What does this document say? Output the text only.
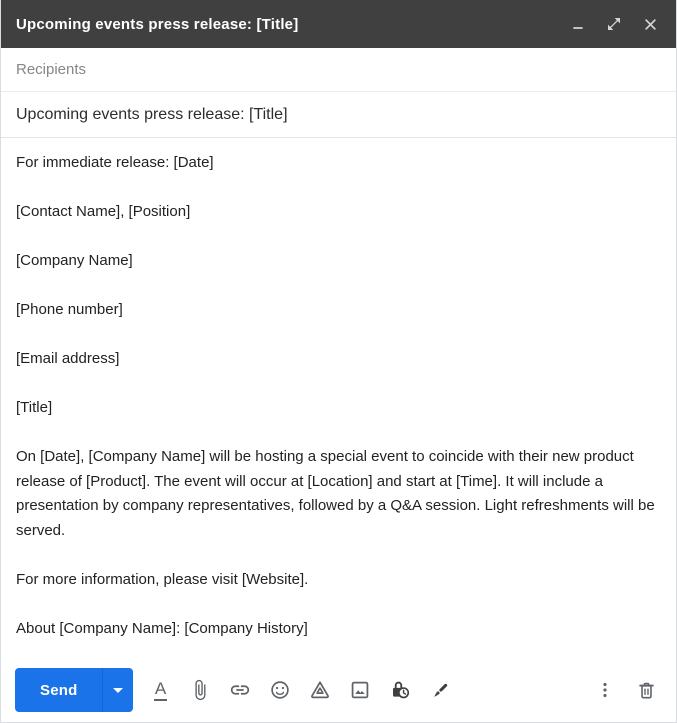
Upcoming events press release: [Title]
Recipients
Upcoming events press release: [Title]
For immediate release: [Date]
[Contact Name], [Position]
[Company Name]
[Phone number]
[Email address]
[Title]
On [Date], [Company Name] will be hosting a special event to coincide with their new product release of [Product]. The event will occur at [Location] and start at [Time]. It will include a presentation by company representatives, followed by a Q&A session. Light refreshments will be served.
For more information, please visit [Website].
About [Company Name]: [Company History]
Send	A
